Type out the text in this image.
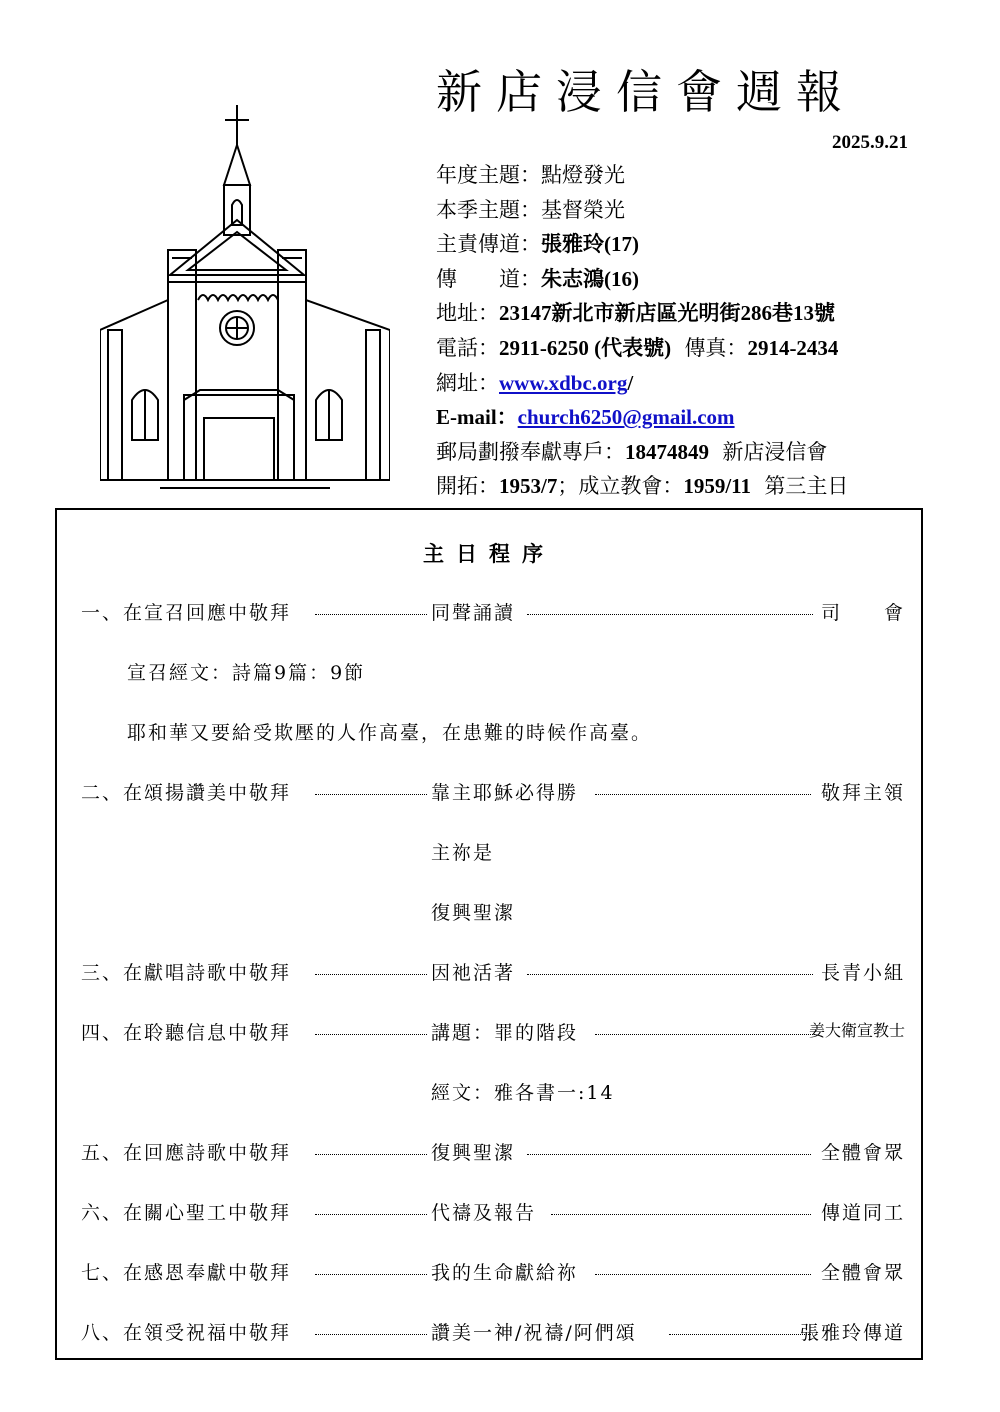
新店浸信會週報
2025.9.21
年度主題：點燈發光
本季主題：基督榮光
主責傳道：張雅玲(17)
傳　　道：朱志鴻(16)
地址：23147新北市新店區光明街286巷13號
電話：2911-6250 (代表號) 傳真：2914-2434
網址：www.xdbc.org/
E-mail：church6250@gmail.com
郵局劃撥奉獻專戶：18474849 新店浸信會
開拓：1953/7；成立教會：1959/11 第三主日
主日程序
一、在宣召回應中敬拜	同聲誦讀	司　　會
宣召經文：詩篇9篇：9節
耶和華又要給受欺壓的人作高臺，在患難的時候作高臺。
二、在頌揚讚美中敬拜	靠主耶穌必得勝	敬拜主領
主祢是
復興聖潔
三、在獻唱詩歌中敬拜	因祂活著	長青小組
四、在聆聽信息中敬拜	講題：罪的階段	姜大衛宣教士
經文：雅各書一:14
五、在回應詩歌中敬拜	復興聖潔	全體會眾
六、在關心聖工中敬拜	代禱及報告	傳道同工
七、在感恩奉獻中敬拜	我的生命獻給祢	全體會眾
八、在領受祝福中敬拜	讚美一神/祝禱/阿們頌	張雅玲傳道
